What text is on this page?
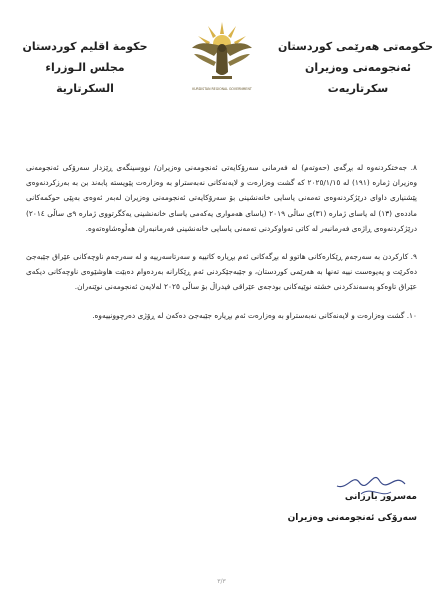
حكومة اقليم كوردستان
مجلس الـوزراء
السكرتارية	KURDISTAN REGIONAL GOVERNMENT
حکومەتی هەرێمی کوردستان
ئەنجومەنی وەزیران
سکرتاریەت

٨. جەختکردنەوە لە بڕگەی (حەوتەم) لە فەرمانی سەرۆکایەتی ئەنجومەنی وەزیران/ نووسینگەی ڕێزدار سەرۆکی ئەنجومەنی وەزیران ژمارە (١٩١) لە ٢٠٢٥/١/١٥ کە گشت وەزارەت و لایەنەکانی نەبەستراو بە وەزارەت پێویستە پابەند بن بە بەرزکردنەوەی پێشنیاری داوای درێژکردنەوەی تەمەنی یاسایی خانەنشینی بۆ سەرۆکایەتی ئەنجومەنی وەزیران لەبەر ئەوەی بەپێی حوکمەکانی ماددەی (١٣) لە یاسای ژمارە (٣١)ی ساڵی ٢٠١٩ (یاسای هەمواری یەکەمی یاسای خانەنشینی یەکگرتووی ژمارە ٩ی ساڵی ٢٠١٤) درێژکردنەوەی ڕاژەی فەرمانبەر لە کاتی تەواوکردنی تەمەنی یاسایی خانەنشینی فەرمانبەران هەڵوەشاوەتەوە.

٩. کارکردن بە سەرجەم ڕێکارەکانی هاتوو لە بڕگەکانی ئەم بڕیارە کاتییە و سەرتاسەرییە و لە سەرجەم ناوچەکانی عێراق جێبەجێ دەکرێت و پەیوەست نییە تەنها بە هەرێمی کوردستان، و جێبەجێکردنی ئەم ڕێکارانە بەردەوام دەبێت هاوشێوەی ناوچەکانی دیکەی عێراق تاوەکو پەسەندکردنی خشتە نوێیەکانی بودجەی عێراقی فیدراڵ بۆ ساڵی ٢٠٢٥ لەلایەن ئەنجومەنی نوێنەران.

١٠. گشت وەزارەت و لایەنەکانی نەبەستراو بە وەزارەت ئەم بڕیارە جێبەجێ دەکەن لە ڕۆژی دەرچوونییەوە.

مەسرور بارزانی
سەرۆکی ئەنجومەنی وەزیران
٣/٣
